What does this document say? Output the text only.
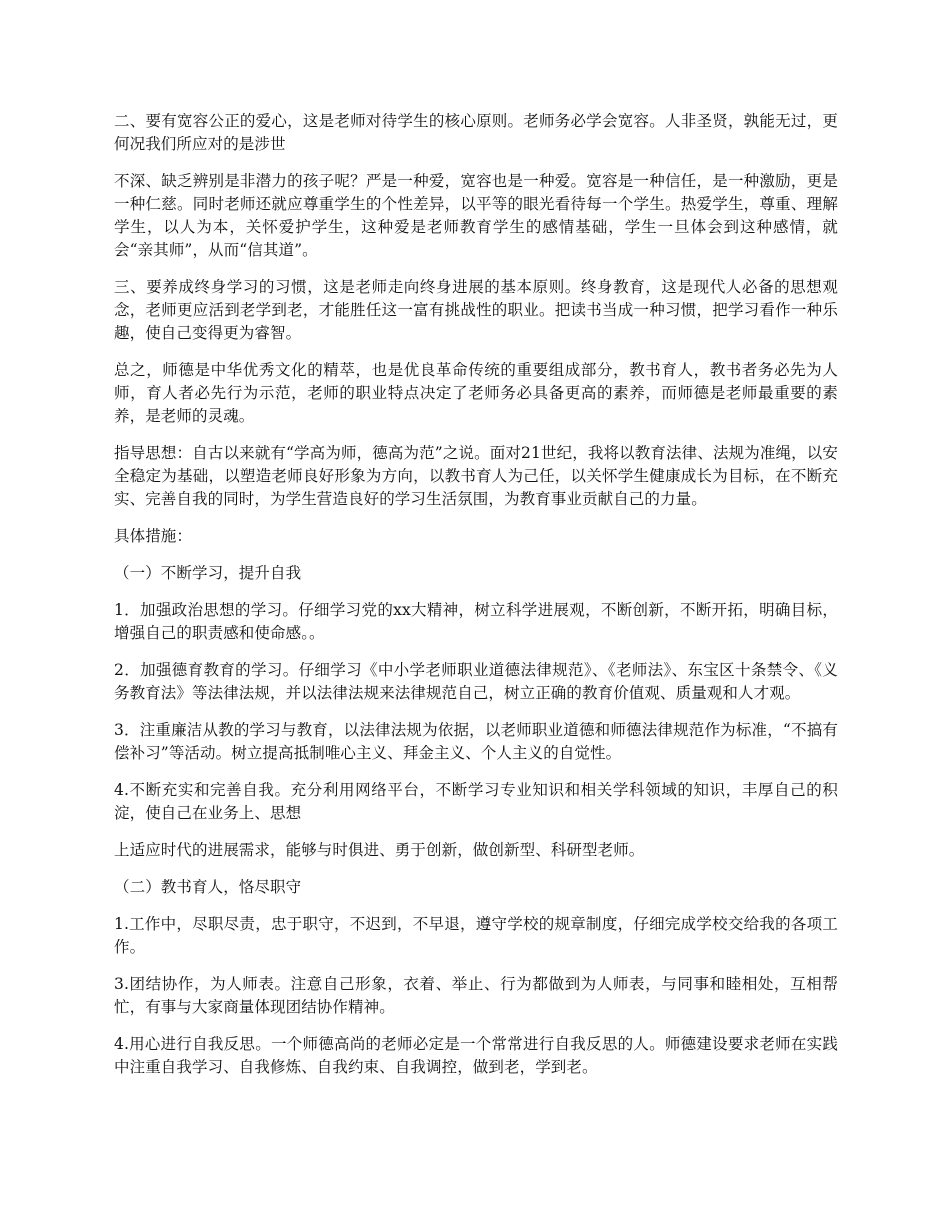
二、要有宽容公正的爱心，这是老师对待学生的核心原则。老师务必学会宽容。人非圣贤，孰能无过，更何况我们所应对的是涉世

不深、缺乏辨别是非潜力的孩子呢？严是一种爱，宽容也是一种爱。宽容是一种信任，是一种激励，更是一种仁慈。同时老师还就应尊重学生的个性差异，以平等的眼光看待每一个学生。热爱学生，尊重、理解学生，以人为本，关怀爱护学生，这种爱是老师教育学生的感情基础，学生一旦体会到这种感情，就会“亲其师”，从而“信其道”。

三、要养成终身学习的习惯，这是老师走向终身进展的基本原则。终身教育，这是现代人必备的思想观念，老师更应活到老学到老，才能胜任这一富有挑战性的职业。把读书当成一种习惯，把学习看作一种乐趣，使自己变得更为睿智。

总之，师德是中华优秀文化的精萃，也是优良革命传统的重要组成部分，教书育人，教书者务必先为人师，育人者必先行为示范，老师的职业特点决定了老师务必具备更高的素养，而师德是老师最重要的素养，是老师的灵魂。

指导思想：自古以来就有“学高为师，德高为范”之说。面对21世纪，我将以教育法律、法规为准绳，以安全稳定为基础，以塑造老师良好形象为方向，以教书育人为己任，以关怀学生健康成长为目标，在不断充实、完善自我的同时，为学生营造良好的学习生活氛围，为教育事业贡献自己的力量。

具体措施：

（一）不断学习，提升自我

1．加强政治思想的学习。仔细学习党的xx大精神，树立科学进展观，不断创新，不断开拓，明确目标，增强自己的职责感和使命感。。

2．加强德育教育的学习。仔细学习《中小学老师职业道德法律规范》、《老师法》、东宝区十条禁令、《义务教育法》等法律法规，并以法律法规来法律规范自己，树立正确的教育价值观、质量观和人才观。

3．注重廉洁从教的学习与教育，以法律法规为依据，以老师职业道德和师德法律规范作为标准，“不搞有偿补习”等活动。树立提高抵制唯心主义、拜金主义、个人主义的自觉性。

4.不断充实和完善自我。充分利用网络平台，不断学习专业知识和相关学科领域的知识，丰厚自己的积淀，使自己在业务上、思想

上适应时代的进展需求，能够与时俱进、勇于创新，做创新型、科研型老师。

（二）教书育人，恪尽职守

1.工作中，尽职尽责，忠于职守，不迟到，不早退，遵守学校的规章制度，仔细完成学校交给我的各项工作。

3.团结协作，为人师表。注意自己形象，衣着、举止、行为都做到为人师表，与同事和睦相处，互相帮忙，有事与大家商量体现团结协作精神。

4.用心进行自我反思。一个师德高尚的老师必定是一个常常进行自我反思的人。师德建设要求老师在实践中注重自我学习、自我修炼、自我约束、自我调控，做到老，学到老。
